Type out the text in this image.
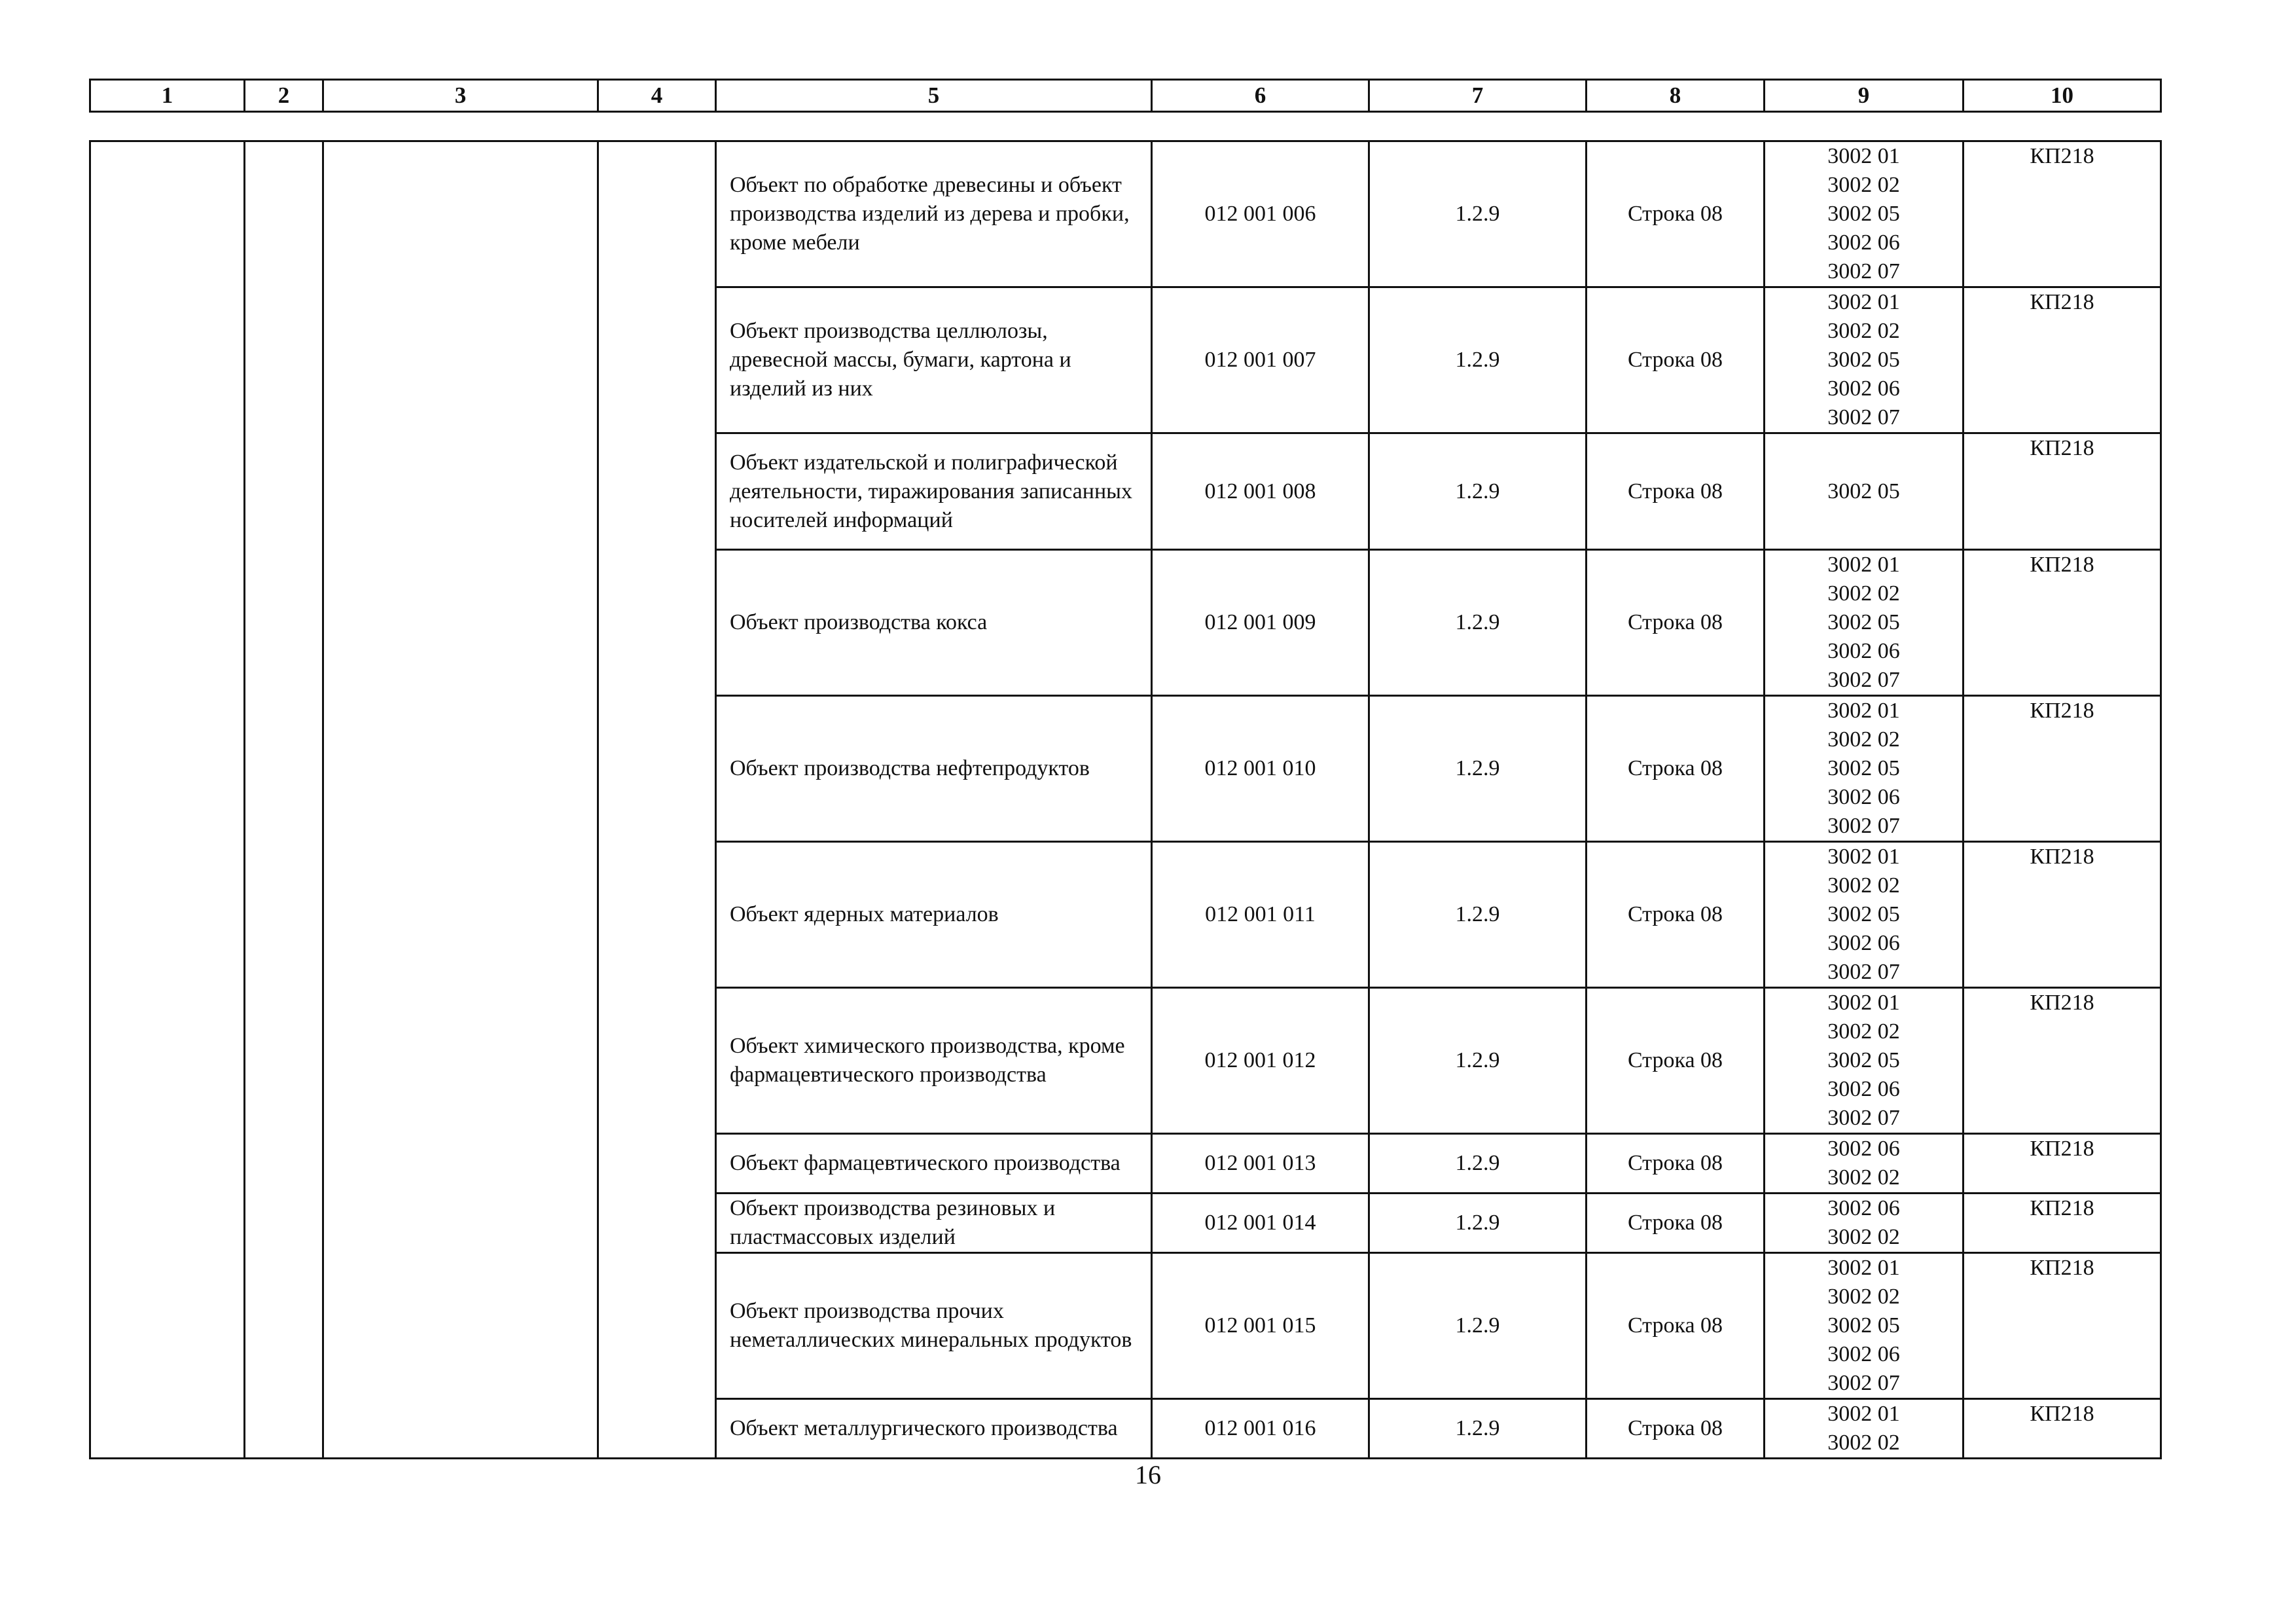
1	2	3	4	5	6	7	8	9	10
				Объект по обработке древесины и объект производства изделий из дерева и пробки, кроме мебели	012 001 006	1.2.9	Строка 08	3002 01
3002 02
3002 05
3002 06
3002 07	КП218
				Объект производства целлюлозы, древесной массы, бумаги, картона и изделий из них	012 001 007	1.2.9	Строка 08	3002 01
3002 02
3002 05
3002 06
3002 07	КП218
				Объект издательской и полиграфической деятельности, тиражирования записанных носителей информаций	012 001 008	1.2.9	Строка 08	3002 05	КП218
				Объект производства кокса	012 001 009	1.2.9	Строка 08	3002 01
3002 02
3002 05
3002 06
3002 07	КП218
				Объект производства нефтепродуктов	012 001 010	1.2.9	Строка 08	3002 01
3002 02
3002 05
3002 06
3002 07	КП218
				Объект ядерных материалов	012 001 011	1.2.9	Строка 08	3002 01
3002 02
3002 05
3002 06
3002 07	КП218
				Объект химического производства, кроме фармацевтического производства	012 001 012	1.2.9	Строка 08	3002 01
3002 02
3002 05
3002 06
3002 07	КП218
				Объект фармацевтического производства	012 001 013	1.2.9	Строка 08	3002 06
3002 02	КП218
				Объект производства резиновых и пластмассовых изделий	012 001 014	1.2.9	Строка 08	3002 06
3002 02	КП218
				Объект производства прочих неметаллических минеральных продуктов	012 001 015	1.2.9	Строка 08	3002 01
3002 02
3002 05
3002 06
3002 07	КП218
				Объект металлургического производства	012 001 016	1.2.9	Строка 08	3002 01
3002 02	КП218
16
